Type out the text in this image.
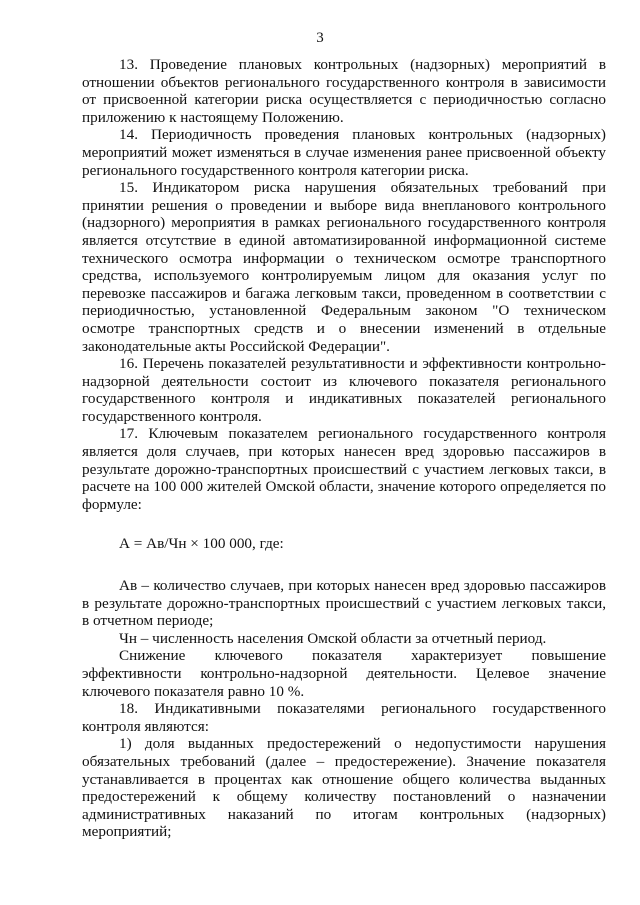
3

13. Проведение плановых контрольных (надзорных) мероприятий в отношении объектов регионального государственного контроля в зависимости от присвоенной категории риска осуществляется с периодичностью согласно приложению к настоящему Положению.

14. Периодичность проведения плановых контрольных (надзорных) мероприятий может изменяться в случае изменения ранее присвоенной объекту регионального государственного контроля категории риска.

15. Индикатором риска нарушения обязательных требований при принятии решения о проведении и выборе вида внепланового контрольного (надзорного) мероприятия в рамках регионального государственного контроля является отсутствие в единой автоматизированной информационной системе технического осмотра информации о техническом осмотре транспортного средства, используемого контролируемым лицом для оказания услуг по перевозке пассажиров и багажа легковым такси, проведенном в соответствии с периодичностью, установленной Федеральным законом "О техническом осмотре транспортных средств и о внесении изменений в отдельные законодательные акты Российской Федерации".

16. Перечень показателей результативности и эффективности контрольно-надзорной деятельности состоит из ключевого показателя регионального государственного контроля и индикативных показателей регионального государственного контроля.

17. Ключевым показателем регионального государственного контроля является доля случаев, при которых нанесен вред здоровью пассажиров в результате дорожно-транспортных происшествий с участием легковых такси, в расчете на 100 000 жителей Омской области, значение которого определяется по формуле:

А = Ав/Чн × 100 000, где:

Ав – количество случаев, при которых нанесен вред здоровью пассажиров в результате дорожно-транспортных происшествий с участием легковых такси, в отчетном периоде;

Чн – численность населения Омской области за отчетный период.

Снижение ключевого показателя характеризует повышение эффективности контрольно-надзорной деятельности. Целевое значение ключевого показателя равно 10 %.

18. Индикативными показателями регионального государственного контроля являются:

1) доля выданных предостережений о недопустимости нарушения обязательных требований (далее – предостережение). Значение показателя устанавливается в процентах как отношение общего количества выданных предостережений к общему количеству постановлений о назначении административных наказаний по итогам контрольных (надзорных) мероприятий;
